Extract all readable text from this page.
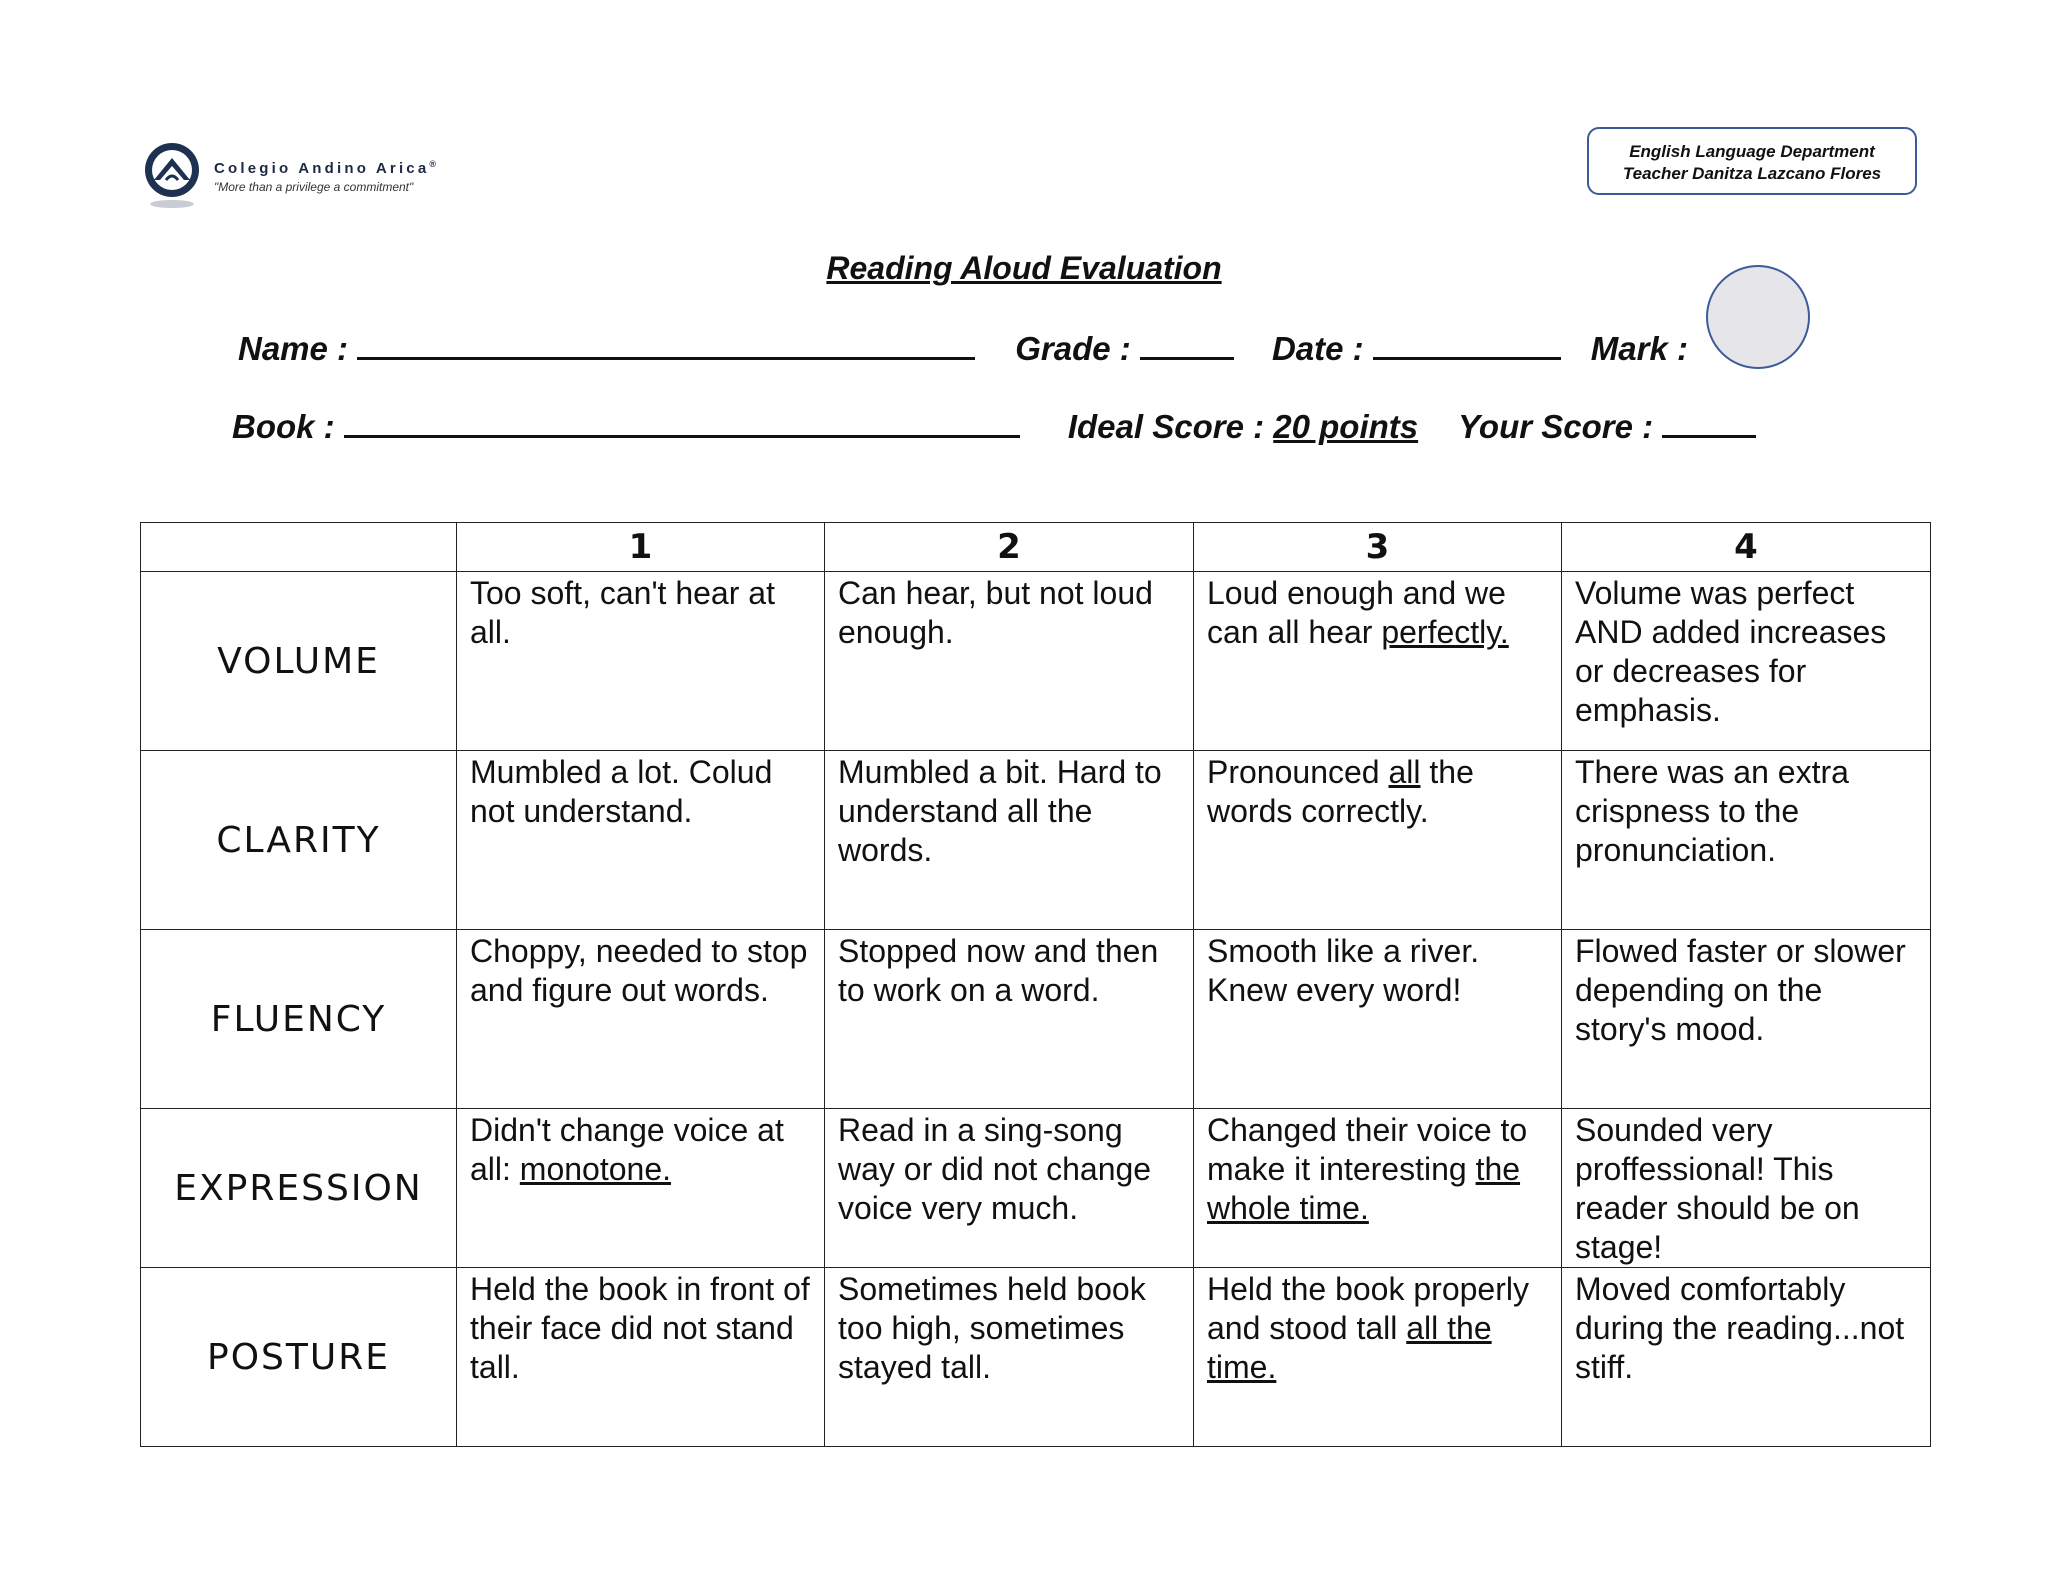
Colegio Andino Arica®
"More than a privilege a commitment"
English Language Department
Teacher Danitza Lazcano Flores
Reading Aloud Evaluation
Name :	Grade :	Date :	Mark :
Book :	Ideal Score : 20 points Your Score :
	1	2	3	4
VOLUME	Too soft, can't hear at all.	Can hear, but not loud enough.	Loud enough and we can all hear perfectly.	Volume was perfect AND added increases or decreases for emphasis.
CLARITY	Mumbled a lot. Colud not understand.	Mumbled a bit. Hard to understand all the words.	Pronounced all the words correctly.	There was an extra crispness to the pronunciation.
FLUENCY	Choppy, needed to stop and figure out words.	Stopped now and then to work on a word.	Smooth like a river. Knew every word!	Flowed faster or slower depending on the story's mood.
EXPRESSION	Didn't change voice at all: monotone.	Read in a sing-song way or did not change voice very much.	Changed their voice to make it interesting the whole time.	Sounded very proffessional! This reader should be on stage!
POSTURE	Held the book in front of their face did not stand tall.	Sometimes held book too high, sometimes stayed tall.	Held the book properly and stood tall all the time.	Moved comfortably during the reading...not stiff.
